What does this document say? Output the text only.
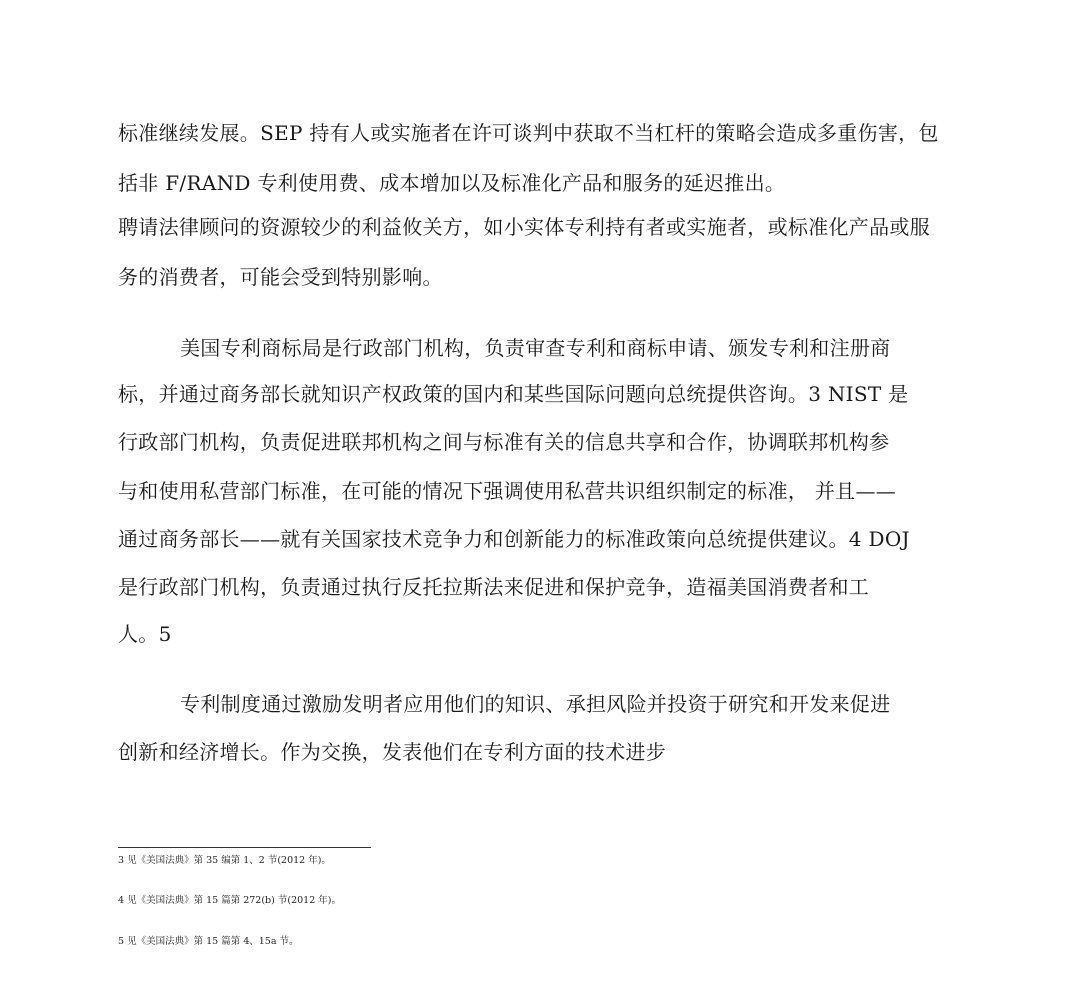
标准继续发展。SEP 持有人或实施者在许可谈判中获取不当杠杆的策略会造成多重伤害，包
括非 F/RAND 专利使用费、成本增加以及标准化产品和服务的延迟推出。
聘请法律顾问的资源较少的利益攸关方，如小实体专利持有者或实施者，或标准化产品或服
务的消费者，可能会受到特别影响。
美国专利商标局是行政部门机构，负责审查专利和商标申请、颁发专利和注册商
标，并通过商务部长就知识产权政策的国内和某些国际问题向总统提供咨询。3 NIST 是
行政部门机构，负责促进联邦机构之间与标准有关的信息共享和合作，协调联邦机构参
与和使用私营部门标准，在可能的情况下强调使用私营共识组织制定的标准， 并且——
通过商务部长——就有关国家技术竞争力和创新能力的标准政策向总统提供建议。4 DOJ
是行政部门机构，负责通过执行反托拉斯法来促进和保护竞争，造福美国消费者和工
人。5
专利制度通过激励发明者应用他们的知识、承担风险并投资于研究和开发来促进
创新和经济增长。作为交换，发表他们在专利方面的技术进步
3 见《美国法典》第 35 编第 1、2 节(2012 年)。
4 见《美国法典》第 15 篇第 272(b) 节(2012 年)。
5 见《美国法典》第 15 篇第 4、15a 节。
